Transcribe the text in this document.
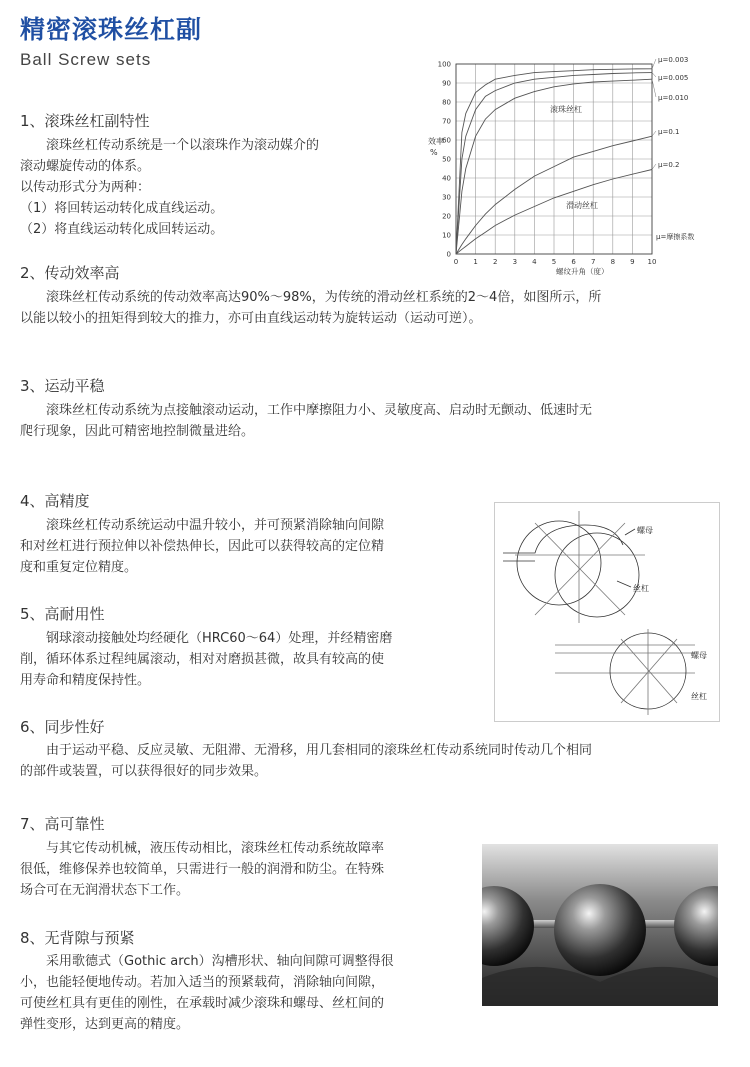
精密滚珠丝杠副
Ball Screw sets
1、滚珠丝杠副特性
滚珠丝杠传动系统是一个以滚珠作为滚动媒介的
滚动螺旋传动的体系。
以传动形式分为两种：
（1）将回转运动转化成直线运动。
（2）将直线运动转化成回转运动。
2、传动效率高
滚珠丝杠传动系统的传动效率高达90%～98%，为传统的滑动丝杠系统的2～4倍，如图所示，所
以能以较小的扭矩得到较大的推力，亦可由直线运动转为旋转运动（运动可逆）。
3、运动平稳
滚珠丝杠传动系统为点接触滚动运动，工作中摩擦阻力小、灵敏度高、启动时无颤动、低速时无
爬行现象，因此可精密地控制微量进给。
4、高精度
滚珠丝杠传动系统运动中温升较小，并可预紧消除轴向间隙
和对丝杠进行预拉伸以补偿热伸长，因此可以获得较高的定位精
度和重复定位精度。
5、高耐用性
钢球滚动接触处均经硬化（HRC60～64）处理，并经精密磨
削，循环体系过程纯属滚动，相对对磨损甚微，故具有较高的使
用寿命和精度保持性。
6、同步性好
由于运动平稳、反应灵敏、无阻滞、无滑移，用几套相同的滚珠丝杠传动系统同时传动几个相同
的部件或装置，可以获得很好的同步效果。
7、高可靠性
与其它传动机械，液压传动相比，滚珠丝杠传动系统故障率
很低，维修保养也较简单，只需进行一般的润滑和防尘。在特殊
场合可在无润滑状态下工作。
8、无背隙与预紧
采用歌德式（Gothic arch）沟槽形状、轴向间隙可调整得很
小，也能轻便地传动。若加入适当的预紧载荷，消除轴向间隙，
可使丝杠具有更佳的刚性，在承载时减少滚珠和螺母、丝杠间的
弹性变形，达到更高的精度。
0 1 2 3 4 5 6 7 8 9 10
0
10
20
30
40
50
60
70
80
90
100
μ=0.003
μ=0.005
μ=0.010
μ=0.1
μ=0.2
效率%
螺纹升角（度）
滚珠丝杠
滑动丝杠
μ=摩擦系数
螺母
丝杠
螺母
丝杠
